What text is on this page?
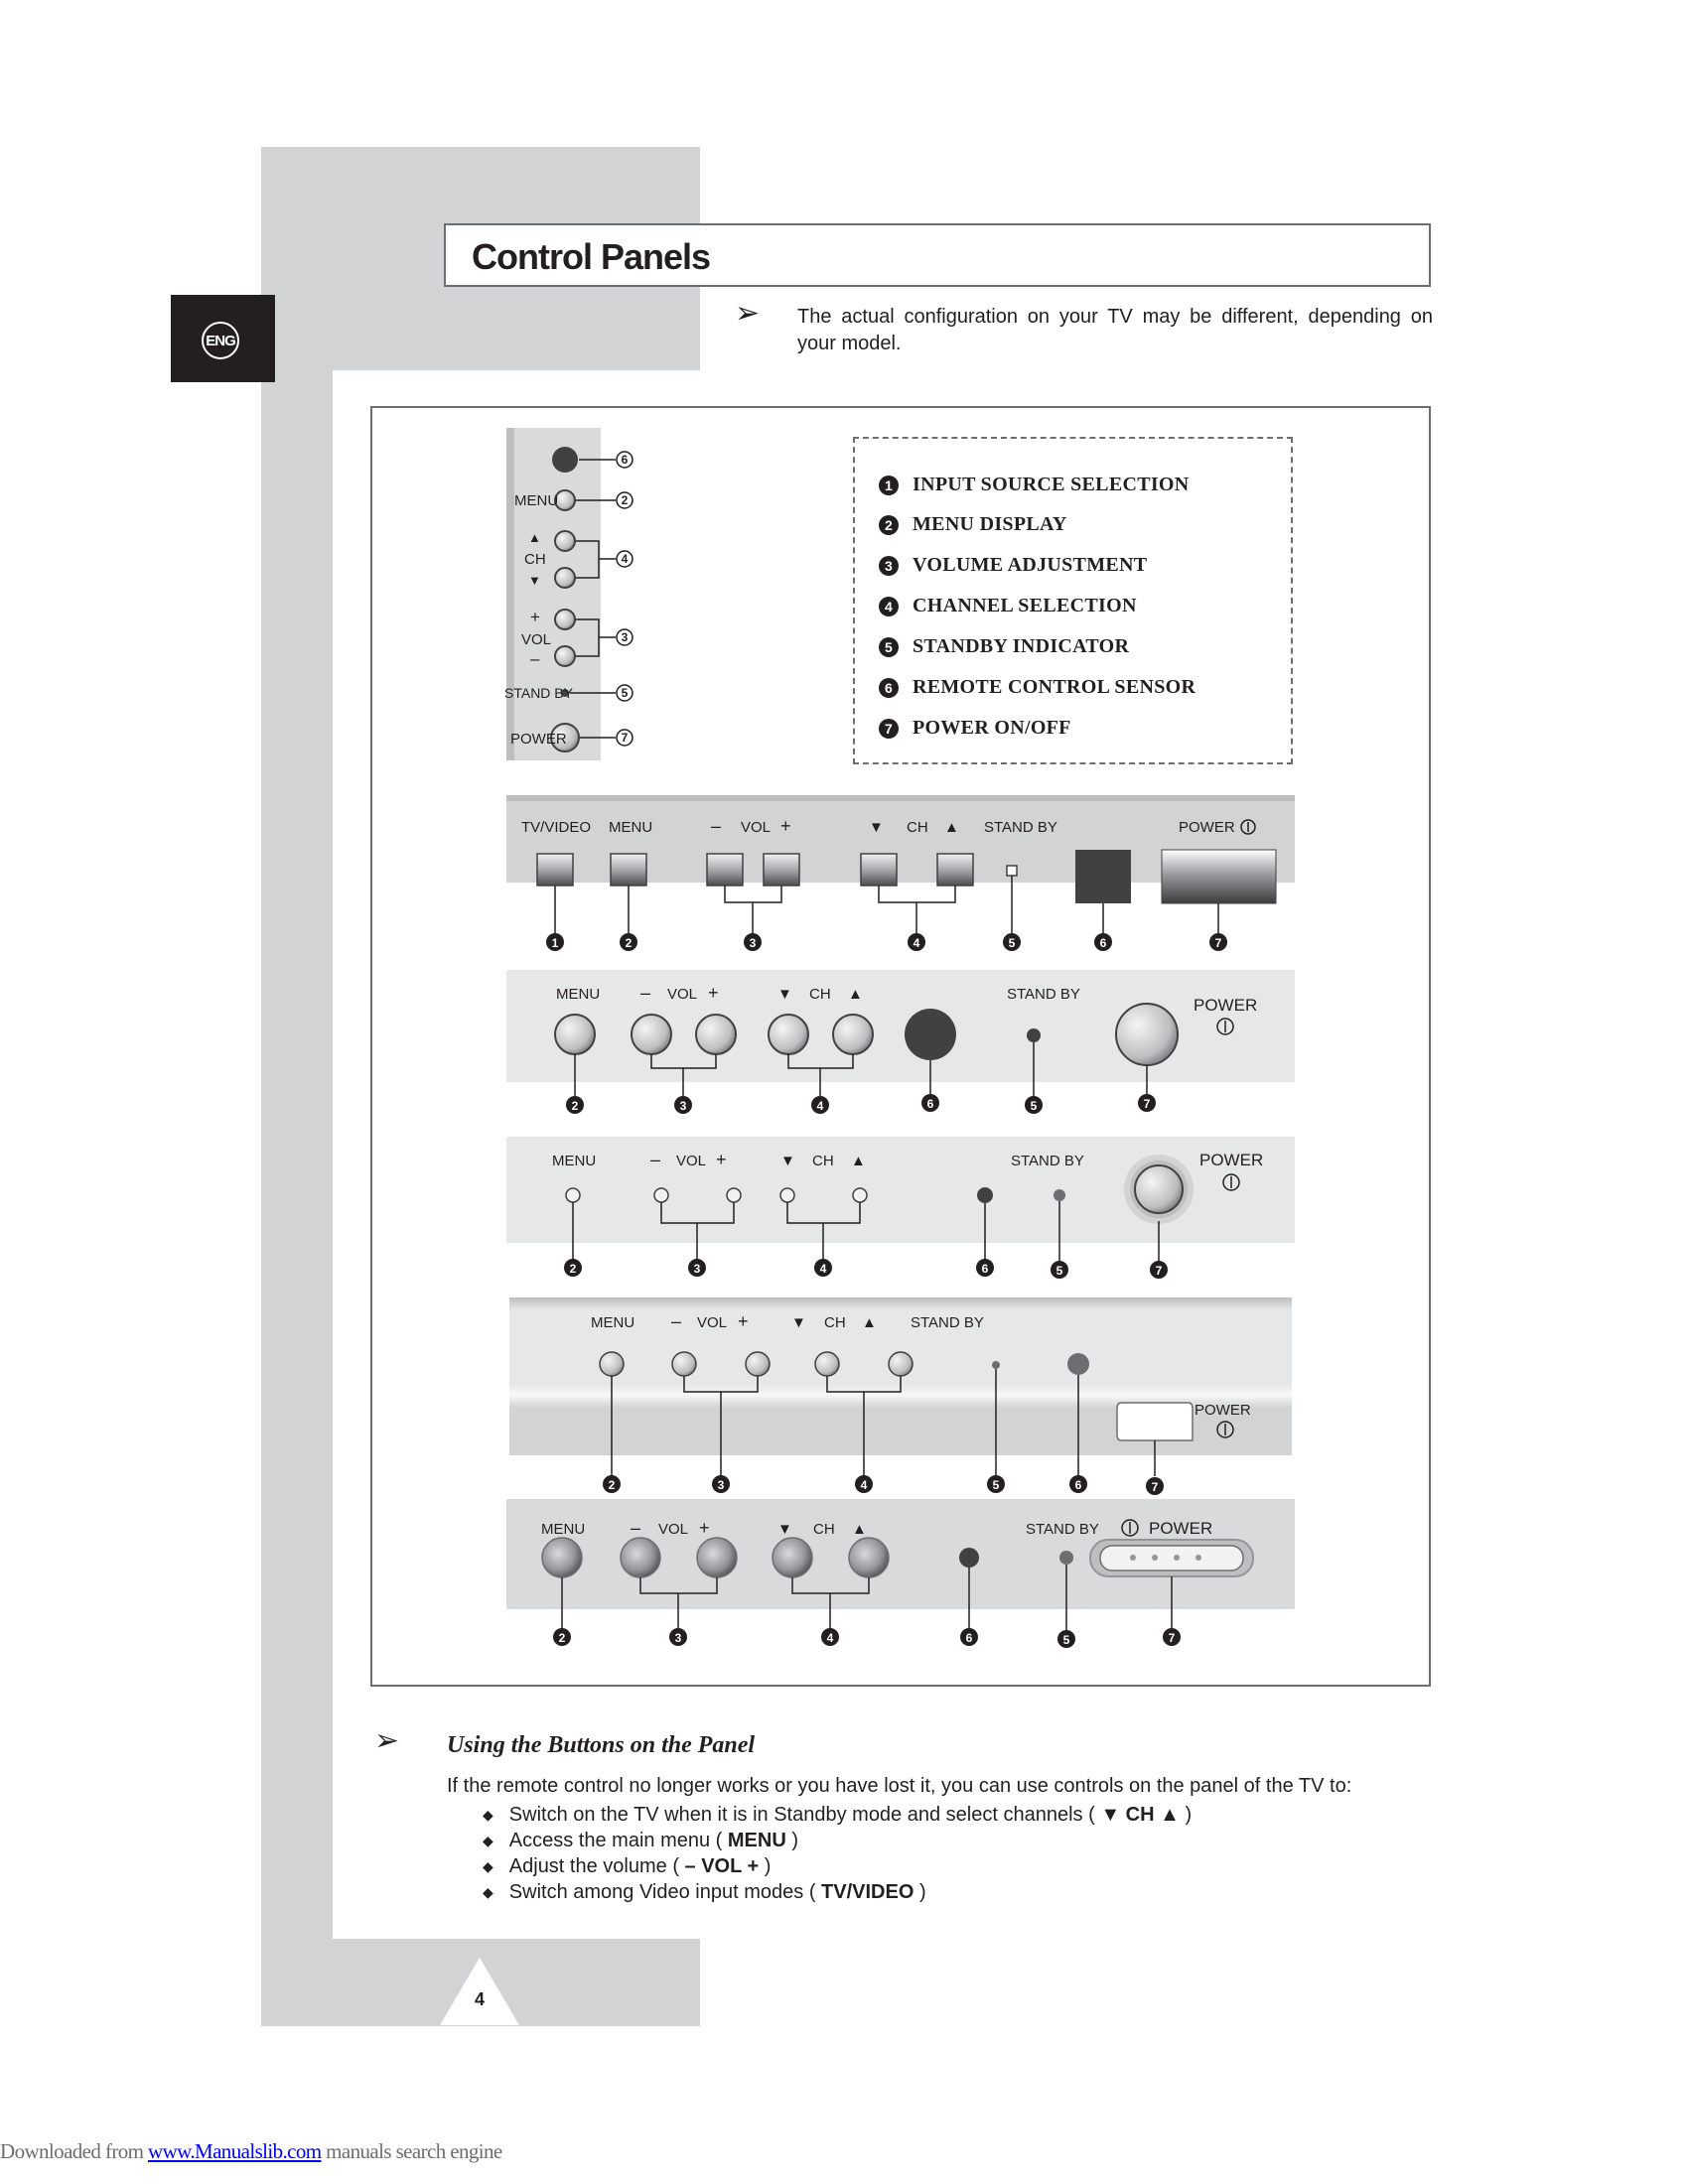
ENG
Control Panels
➢ The actual configuration on your TV may be different, depending on your model.
MENU
▲
CH
▼
+
VOL
–
STAND BY
POWER
6
2
4
3
5
7
TV/VIDEO MENU	– VOL +	▼ CH ▲ STAND BY	POWER
1	2	3	4	5	6	7
MENU – VOL +	▼ CH ▲	STAND BY
POWER
2	3	4	6	5	7
MENU	– VOL +	▼ CH ▲	STAND BY	POWER
2	3	4	6	5	7
MENU – VOL +	▼ CH ▲ STAND BY
POWER
2	3	4	5	6	7
MENU	– VOL +	▼ CH ▲	STAND BY	POWER
2	3	4	6	5	7
1 INPUT SOURCE SELECTION
2 MENU DISPLAY
3 VOLUME ADJUSTMENT
4 CHANNEL SELECTION
5 STANDBY INDICATOR
6 REMOTE CONTROL SENSOR
7 POWER ON/OFF
➢ Using the Buttons on the Panel
If the remote control no longer works or you have lost it, you can use controls on the panel of the TV to:
◆ Switch on the TV when it is in Standby mode and select channels ( ▼ CH ▲ )
◆ Access the main menu ( MENU )
◆ Adjust the volume ( – VOL + )
◆ Switch among Video input modes ( TV/VIDEO )
4
Downloaded from www.Manualslib.com manuals search engine
